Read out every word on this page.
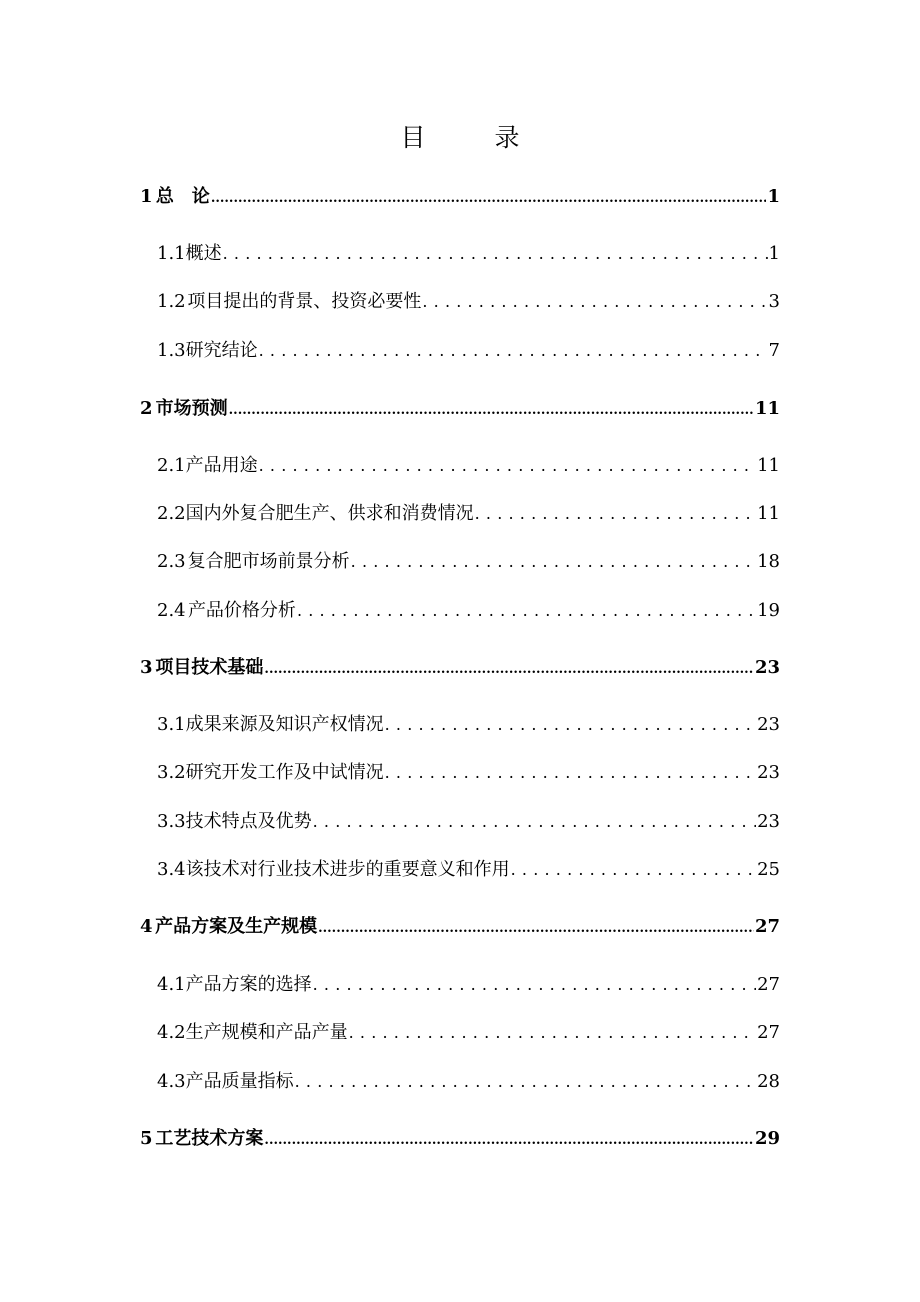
目　录
1 总　论 .....	1
1.1 概述 .....	1
1.2 项目提出的背景、投资必要性 .....	3
1.3 研究结论 .....	7
2 市场预测 .....	11
2.1 产品用途 .....	11
2.2 国内外复合肥生产、供求和消费情况 .....	11
2.3 复合肥市场前景分析 .....	18
2.4 产品价格分析 .....	19
3 项目技术基础 .....	23
3.1 成果来源及知识产权情况 .....	23
3.2 研究开发工作及中试情况 .....	23
3.3 技术特点及优势 .....	23
3.4 该技术对行业技术进步的重要意义和作用 .....	25
4 产品方案及生产规模 .....	27
4.1 产品方案的选择 .....	27
4.2 生产规模和产品产量 .....	27
4.3 产品质量指标 .....	28
5 工艺技术方案 .....	29
